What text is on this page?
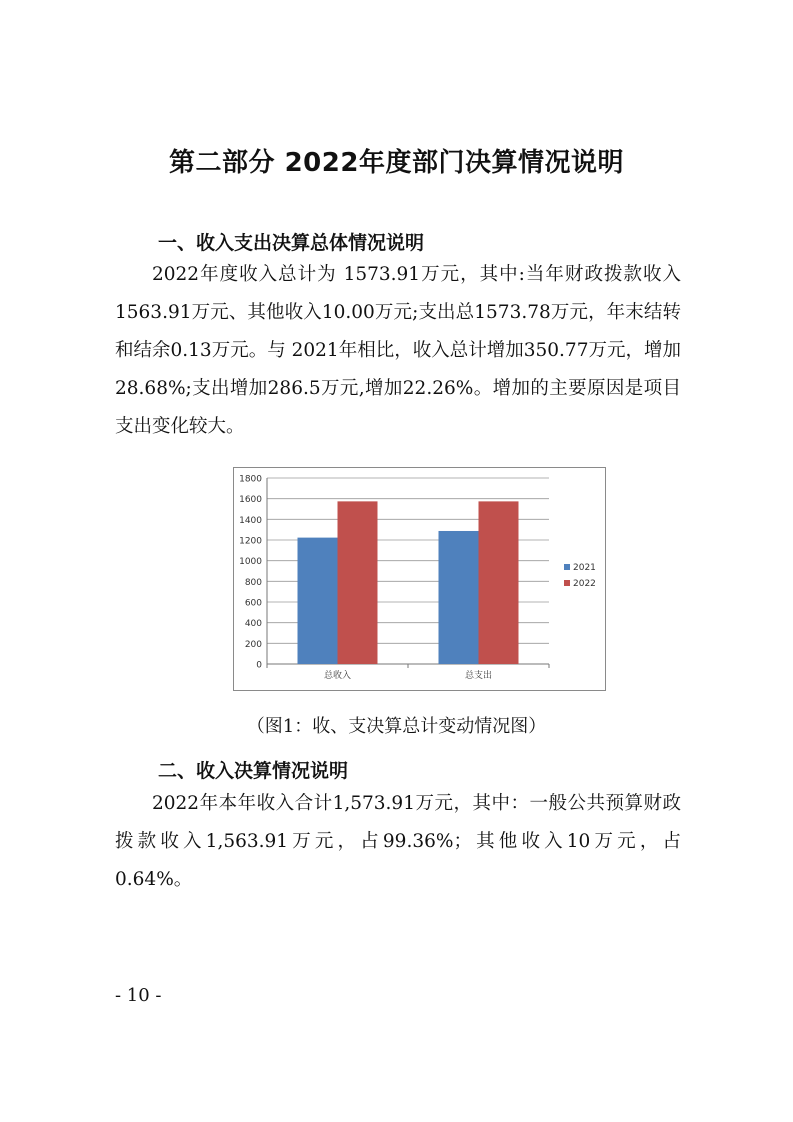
第二部分 2022年度部门决算情况说明
一、收入支出决算总体情况说明
2022年度收入总计为 1573.91万元，其中:当年财政拨款收入1563.91万元、其他收入10.00万元;支出总1573.78万元，年末结转和结余0.13万元。与 2021年相比，收入总计增加350.77万元，增加28.68%;支出增加286.5万元,增加22.26%。增加的主要原因是项目支出变化较大。
0
200
400
600
800
1000
1200
1400
1600
1800
总收入	总支出
2021
2022
（图1：收、支决算总计变动情况图）
二、收入决算情况说明
2022年本年收入合计1,573.91万元，其中：一般公共预算财政拨款收入1,563.91万元，占99.36%；其他收入10万元，占0.64%。
- 10 -
